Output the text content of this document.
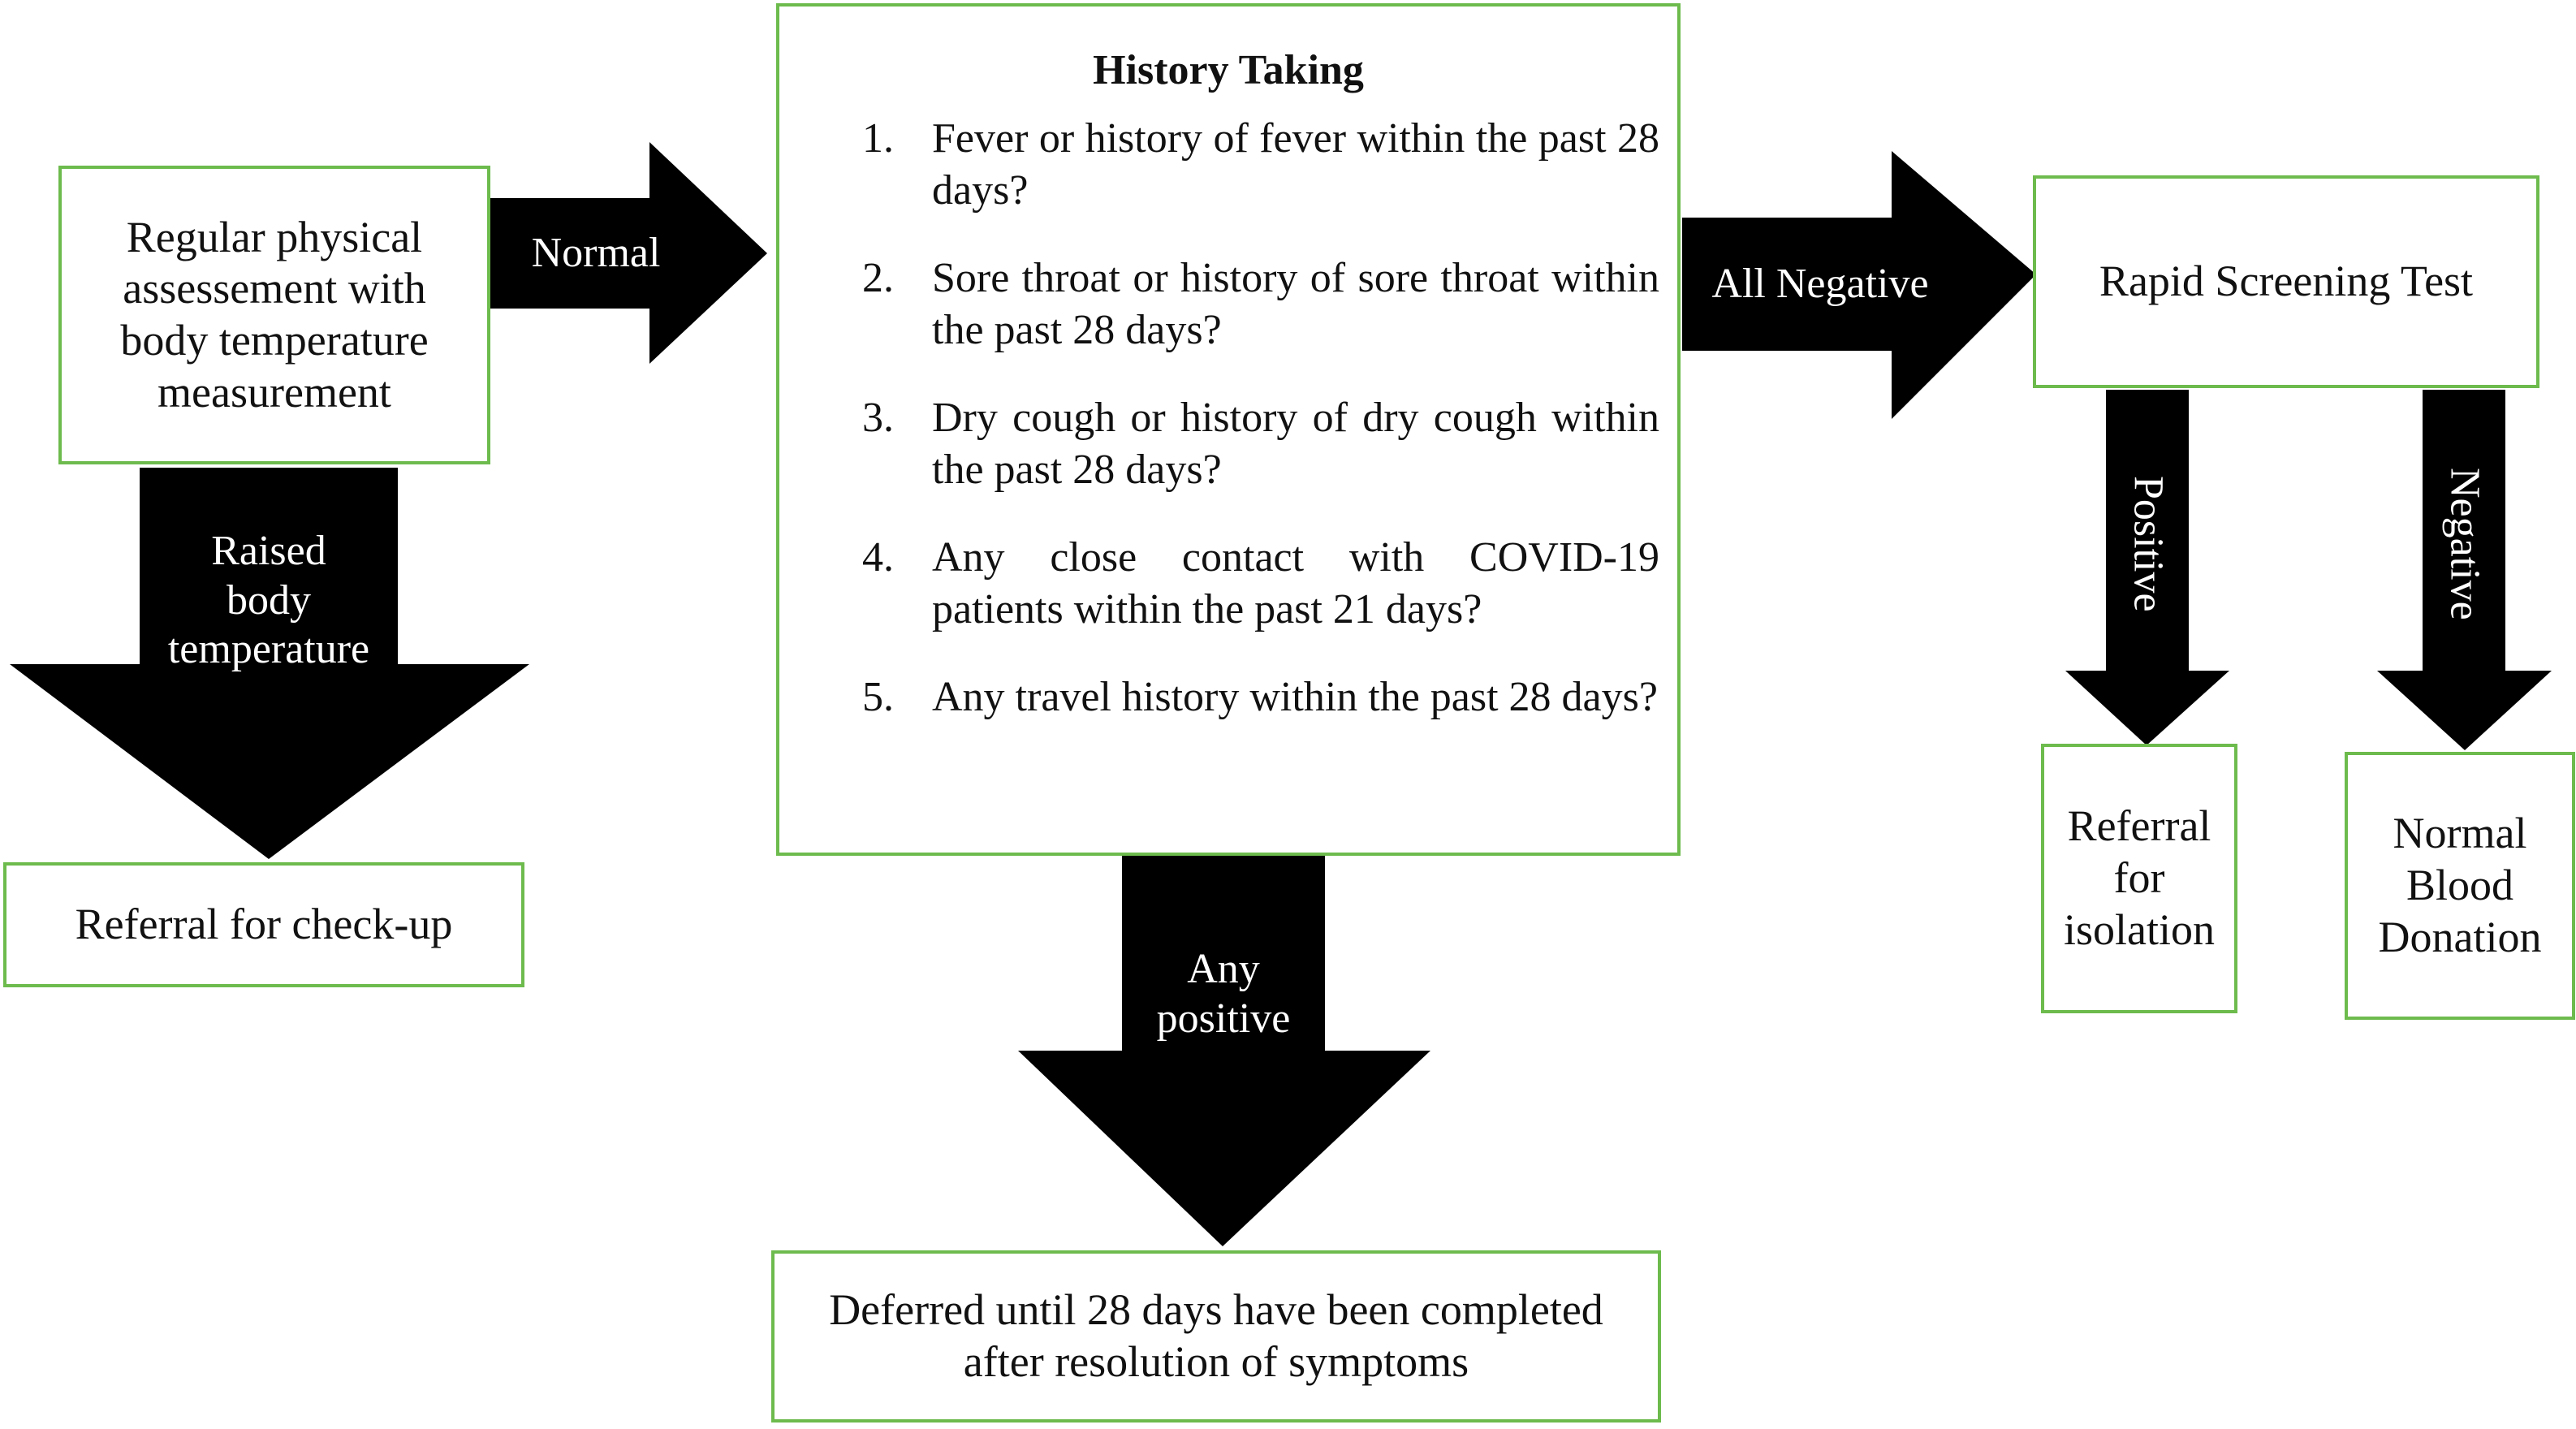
Regular physical
assessement with
body temperature
measurement
Referral for check-up
History Taking
1. Fever or history of fever within the past 28 days?
2. Sore throat or history of sore throat within the past 28 days?
3. Dry cough or history of dry cough within the past 28 days?
4. Any close contact with COVID-19 patients within the past 21 days?
5. Any travel history within the past 28 days?
Deferred until 28 days have been completed
after resolution of symptoms
Rapid Screening Test
Referral
for
isolation
Normal
Blood
Donation
Normal
Raised
body
temperature
Any
positive
All Negative
Positive	Negative
